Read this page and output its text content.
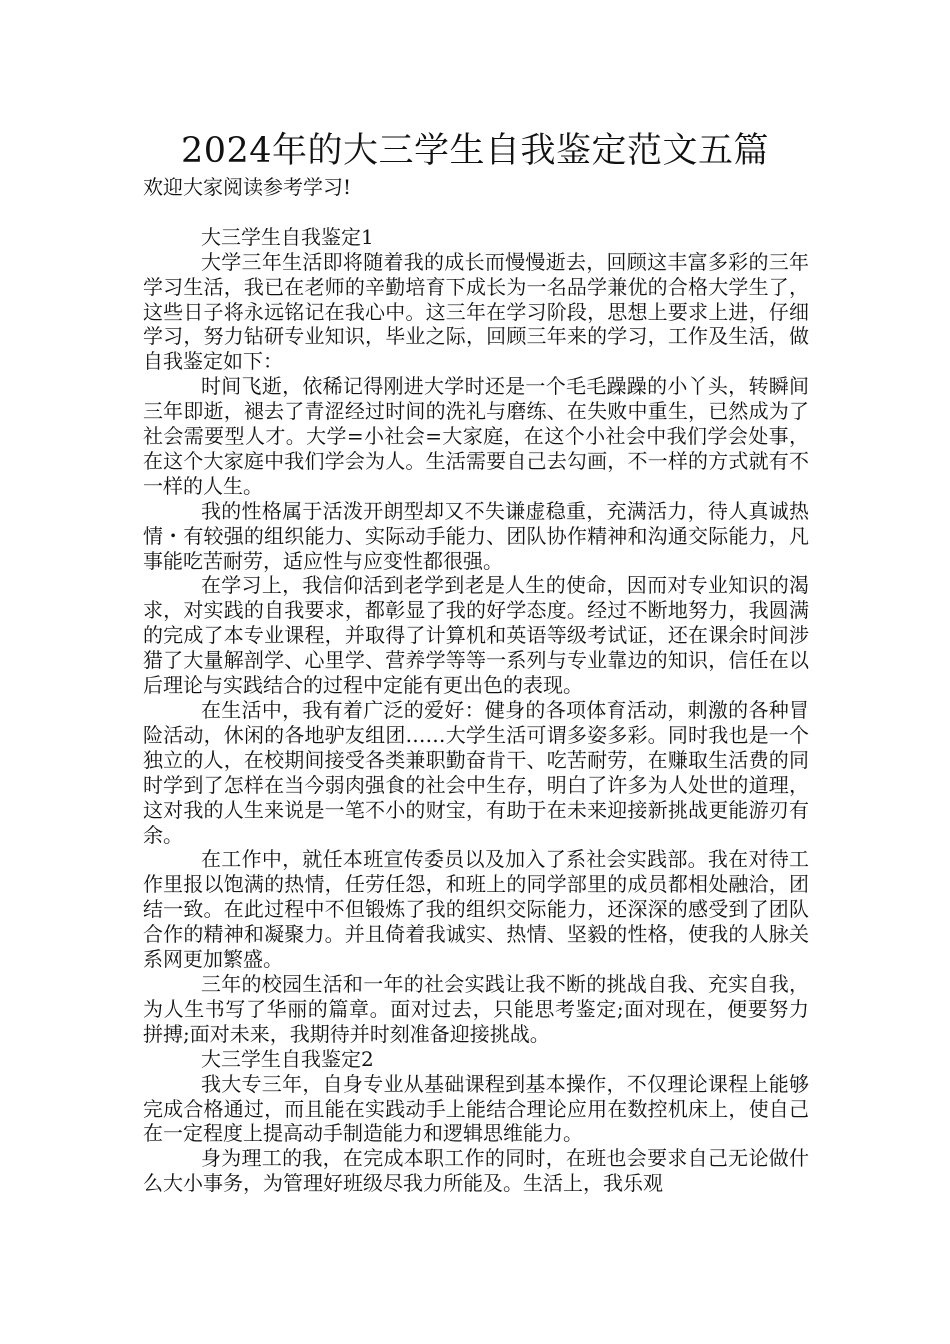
2024年的大三学生自我鉴定范文五篇

欢迎大家阅读参考学习!

大三学生自我鉴定1

大学三年生活即将随着我的成长而慢慢逝去，回顾这丰富多彩的三年学习生活，我已在老师的辛勤培育下成长为一名品学兼优的合格大学生了，这些日子将永远铭记在我心中。这三年在学习阶段，思想上要求上进，仔细学习，努力钻研专业知识，毕业之际，回顾三年来的学习，工作及生活，做自我鉴定如下：

时间飞逝，依稀记得刚进大学时还是一个毛毛躁躁的小丫头，转瞬间三年即逝，褪去了青涩经过时间的洗礼与磨练、在失败中重生，已然成为了社会需要型人才。大学=小社会=大家庭，在这个小社会中我们学会处事，在这个大家庭中我们学会为人。生活需要自己去勾画，不一样的方式就有不一样的人生。

我的性格属于活泼开朗型却又不失谦虚稳重，充满活力，待人真诚热情・有较强的组织能力、实际动手能力、团队协作精神和沟通交际能力，凡事能吃苦耐劳，适应性与应变性都很强。

在学习上，我信仰活到老学到老是人生的使命，因而对专业知识的渴求，对实践的自我要求，都彰显了我的好学态度。经过不断地努力，我圆满的完成了本专业课程，并取得了计算机和英语等级考试证，还在课余时间涉猎了大量解剖学、心里学、营养学等等一系列与专业靠边的知识，信任在以后理论与实践结合的过程中定能有更出色的表现。

在生活中，我有着广泛的爱好：健身的各项体育活动，刺激的各种冒险活动，休闲的各地驴友组团……大学生活可谓多姿多彩。同时我也是一个独立的人，在校期间接受各类兼职勤奋肯干、吃苦耐劳，在赚取生活费的同时学到了怎样在当今弱肉强食的社会中生存，明白了许多为人处世的道理，这对我的人生来说是一笔不小的财宝，有助于在未来迎接新挑战更能游刃有余。

在工作中，就任本班宣传委员以及加入了系社会实践部。我在对待工作里报以饱满的热情，任劳任怨，和班上的同学部里的成员都相处融洽，团结一致。在此过程中不但锻炼了我的组织交际能力，还深深的感受到了团队合作的精神和凝聚力。并且倚着我诚实、热情、坚毅的性格，使我的人脉关系网更加繁盛。

三年的校园生活和一年的社会实践让我不断的挑战自我、充实自我，为人生书写了华丽的篇章。面对过去，只能思考鉴定;面对现在，便要努力拼搏;面对未来，我期待并时刻准备迎接挑战。

大三学生自我鉴定2

我大专三年，自身专业从基础课程到基本操作，不仅理论课程上能够完成合格通过，而且能在实践动手上能结合理论应用在数控机床上，使自己在一定程度上提高动手制造能力和逻辑思维能力。

身为理工的我，在完成本职工作的同时，在班也会要求自己无论做什么大小事务，为管理好班级尽我力所能及。生活上，我乐观
